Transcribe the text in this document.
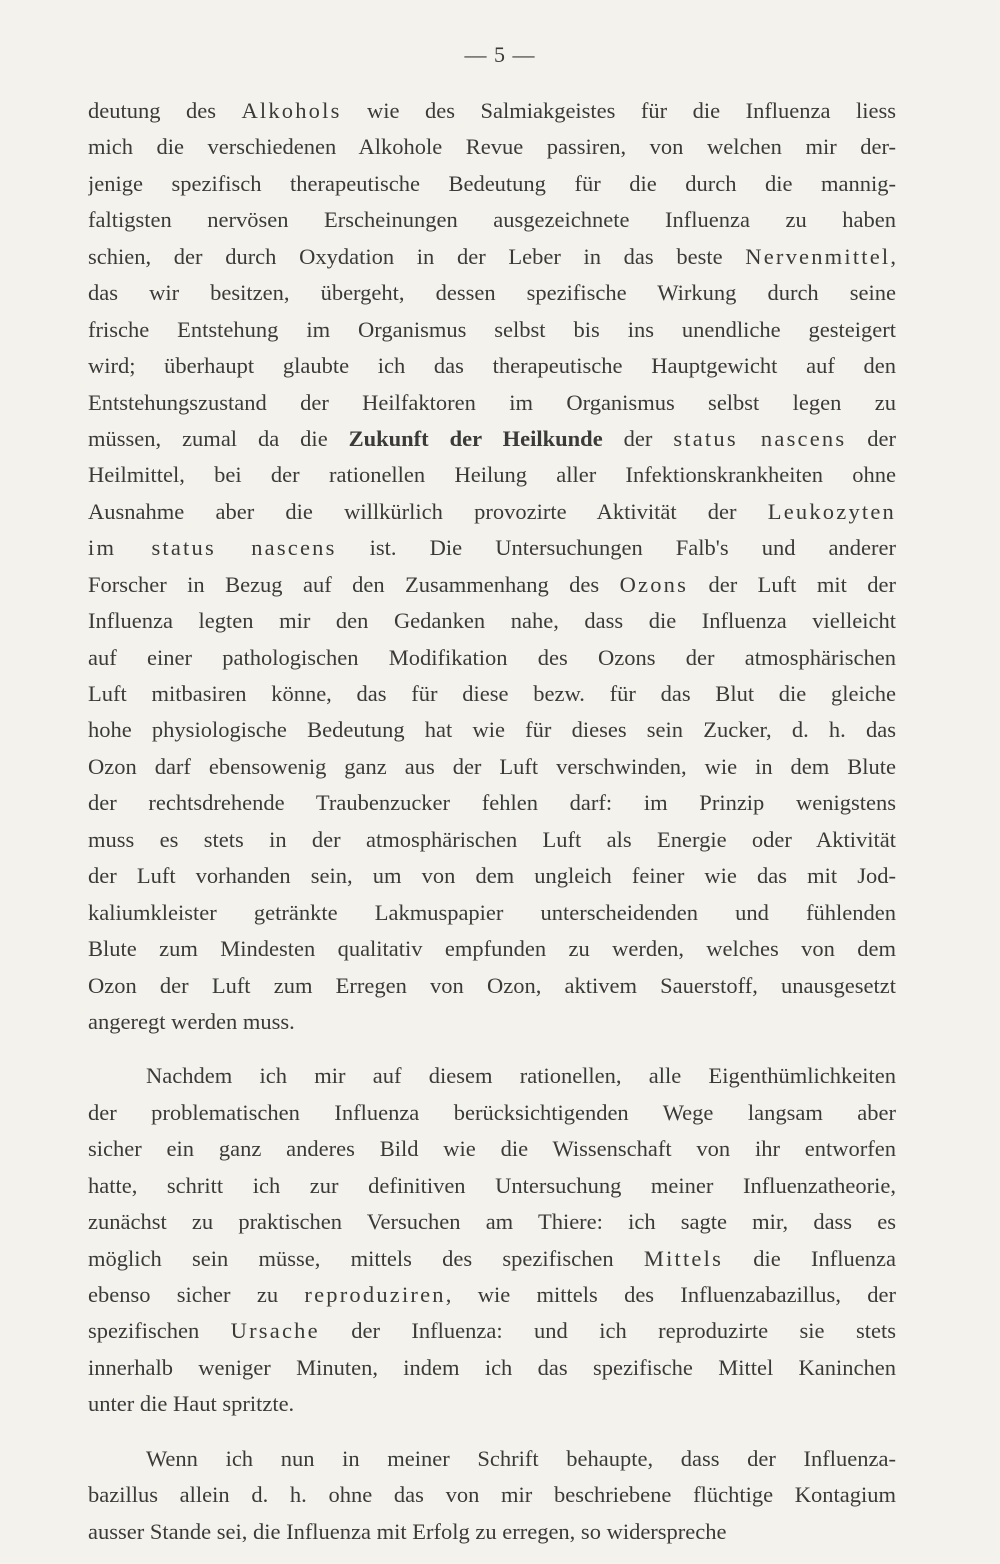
— 5 —
deutung des Alkohols wie des Salmiakgeistes für die Influenza liess
mich die verschiedenen Alkohole Revue passiren, von welchen mir der-
jenige spezifisch therapeutische Bedeutung für die durch die mannig-
faltigsten nervösen Erscheinungen ausgezeichnete Influenza zu haben
schien, der durch Oxydation in der Leber in das beste Nervenmittel,
das wir besitzen, übergeht, dessen spezifische Wirkung durch seine
frische Entstehung im Organismus selbst bis ins unendliche gesteigert
wird; überhaupt glaubte ich das therapeutische Hauptgewicht auf den
Entstehungszustand der Heilfaktoren im Organismus selbst legen zu
müssen, zumal da die Zukunft der Heilkunde der status nascens der
Heilmittel, bei der rationellen Heilung aller Infektionskrankheiten ohne
Ausnahme aber die willkürlich provozirte Aktivität der Leukozyten
im status nascens ist. Die Untersuchungen Falb's und anderer
Forscher in Bezug auf den Zusammenhang des Ozons der Luft mit der
Influenza legten mir den Gedanken nahe, dass die Influenza vielleicht
auf einer pathologischen Modifikation des Ozons der atmosphärischen
Luft mitbasiren könne, das für diese bezw. für das Blut die gleiche
hohe physiologische Bedeutung hat wie für dieses sein Zucker, d. h. das
Ozon darf ebensowenig ganz aus der Luft verschwinden, wie in dem Blute
der rechtsdrehende Traubenzucker fehlen darf: im Prinzip wenigstens
muss es stets in der atmosphärischen Luft als Energie oder Aktivität
der Luft vorhanden sein, um von dem ungleich feiner wie das mit Jod-
kaliumkleister getränkte Lakmuspapier unterscheidenden und fühlenden
Blute zum Mindesten qualitativ empfunden zu werden, welches von dem
Ozon der Luft zum Erregen von Ozon, aktivem Sauerstoff, unausgesetzt
angeregt werden muss.
Nachdem ich mir auf diesem rationellen, alle Eigenthümlichkeiten
der problematischen Influenza berücksichtigenden Wege langsam aber
sicher ein ganz anderes Bild wie die Wissenschaft von ihr entworfen
hatte, schritt ich zur definitiven Untersuchung meiner Influenzatheorie,
zunächst zu praktischen Versuchen am Thiere: ich sagte mir, dass es
möglich sein müsse, mittels des spezifischen Mittels die Influenza
ebenso sicher zu reproduziren, wie mittels des Influenzabazillus, der
spezifischen Ursache der Influenza: und ich reproduzirte sie stets
innerhalb weniger Minuten, indem ich das spezifische Mittel Kaninchen
unter die Haut spritzte.
Wenn ich nun in meiner Schrift behaupte, dass der Influenza-
bazillus allein d. h. ohne das von mir beschriebene flüchtige Kontagium
ausser Stande sei, die Influenza mit Erfolg zu erregen, so widerspreche
